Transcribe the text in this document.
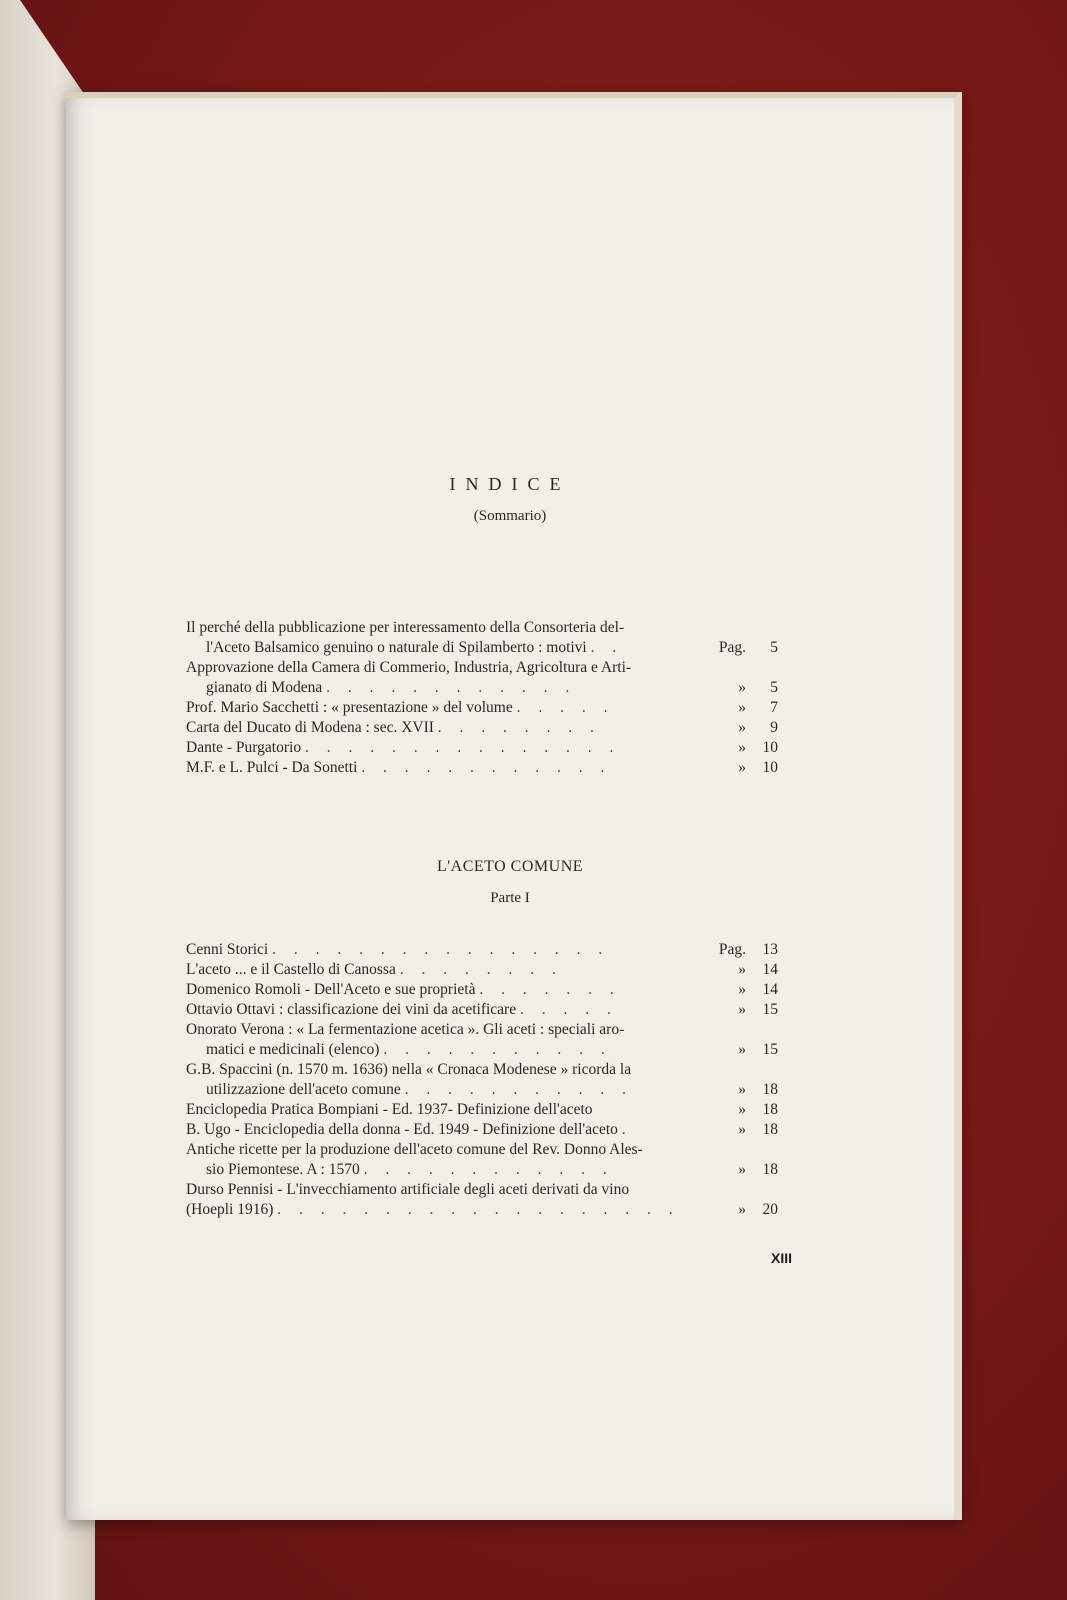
INDICE
(Sommario)
Il perché della pubblicazione per interessamento della Consorteria del-
l'Aceto Balsamico genuino o naturale di Spilamberto : motivi . .	Pag. 5
Approvazione della Camera di Commerio, Industria, Agricoltura e Arti-
gianato di Modena . . . . . . . . . . . .	» 5
Prof. Mario Sacchetti : « presentazione » del volume . . . . .	» 7
Carta del Ducato di Modena : sec. XVII . . . . . . . .	» 9
Dante - Purgatorio . . . . . . . . . . . . . . .	» 10
M.F. e L. Pulci - Da Sonetti . . . . . . . . . . . .	» 10
L'ACETO COMUNE
Parte I
Cenni Storici . . . . . . . . . . . . . . . .	Pag. 13
L'aceto ... e il Castello di Canossa . . . . . . . .	» 14
Domenico Romoli - Dell'Aceto e sue proprietà . . . . . . .	» 14
Ottavio Ottavi : classificazione dei vini da acetificare . . . . .	» 15
Onorato Verona : « La fermentazione acetica ». Gli aceti : speciali aro-
matici e medicinali (elenco) . . . . . . . . . . .	» 15
G.B. Spaccini (n. 1570 m. 1636) nella « Cronaca Modenese » ricorda la
utilizzazione dell'aceto comune . . . . . . . . . . .	» 18
Enciclopedia Pratica Bompiani - Ed. 1937- Definizione dell'aceto	» 18
B. Ugo - Enciclopedia della donna - Ed. 1949 - Definizione dell'aceto .	» 18
Antiche ricette per la produzione dell'aceto comune del Rev. Donno Ales-
sio Piemontese. A : 1570 . . . . . . . . . . . .	» 18
Durso Pennisi - L'invecchiamento artificiale degli aceti derivati da vino
(Hoepli 1916) . . . . . . . . . . . . . . . . . . .	» 20
XIII
